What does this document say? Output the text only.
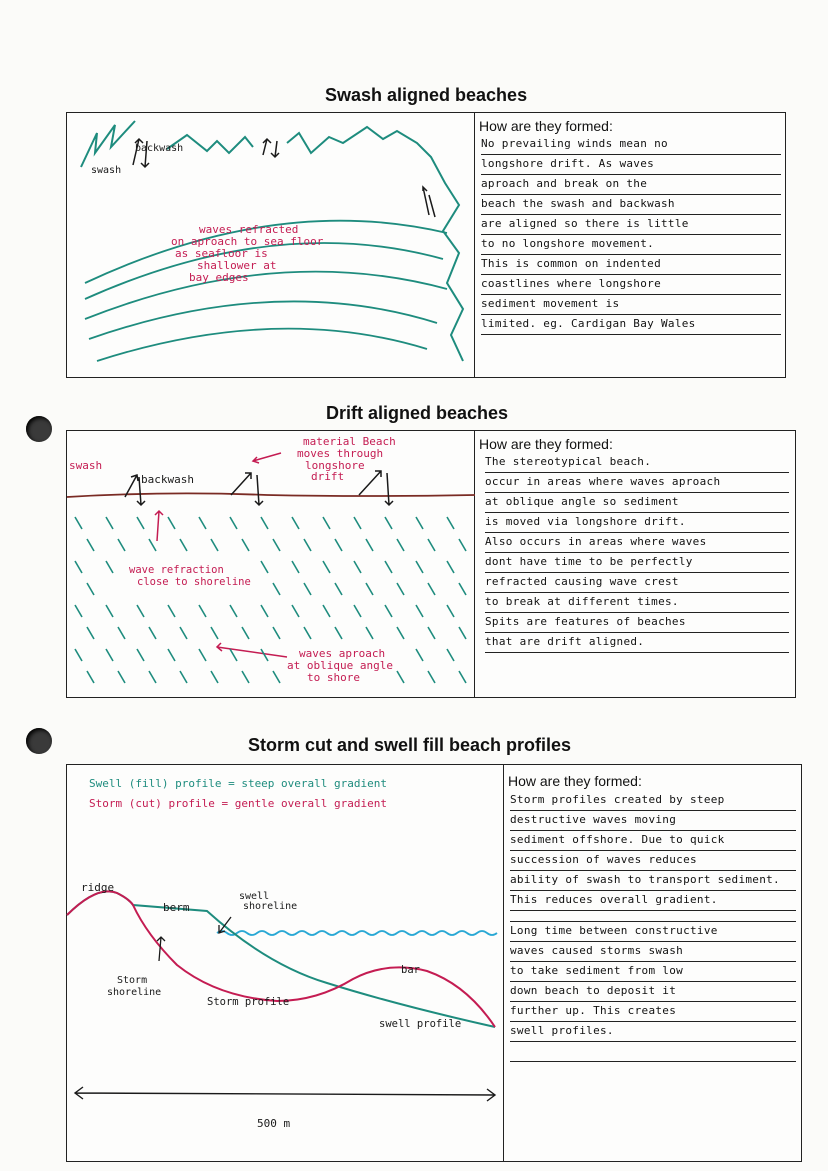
Swash aligned beaches
swash
backwash
waves refracted
on aproach to sea floor
as seafloor is
shallower at
bay edges
How are they formed:
No prevailing winds mean no
longshore drift. As waves
aproach and break on the
beach the swash and backwash
are aligned so there is little
to no longshore movement.
This is common on indented
coastlines where longshore
sediment movement is
limited. eg. Cardigan Bay Wales
Drift aligned beaches
swash
backwash
material Beach
moves through
longshore
drift
wave refraction
close to shoreline
waves aproach
at oblique angle
to shore
How are they formed:
The stereotypical beach.
occur in areas where waves aproach
at oblique angle so sediment
is moved via longshore drift.
Also occurs in areas where waves
dont have time to be perfectly
refracted causing wave crest
to break at different times.
Spits are features of beaches
that are drift aligned.
Storm cut and swell fill beach profiles
Swell (fill) profile = steep overall gradient
Storm (cut) profile = gentle overall gradient
ridge
berm
swell
shoreline
Storm
shoreline
Storm profile
bar
swell profile
500 m
How are they formed:
Storm profiles created by steep
destructive waves moving
sediment offshore. Due to quick
succession of waves reduces
ability of swash to transport sediment.
This reduces overall gradient.
Long time between constructive
waves caused storms swash
to take sediment from low
down beach to deposit it
further up. This creates
swell profiles.
